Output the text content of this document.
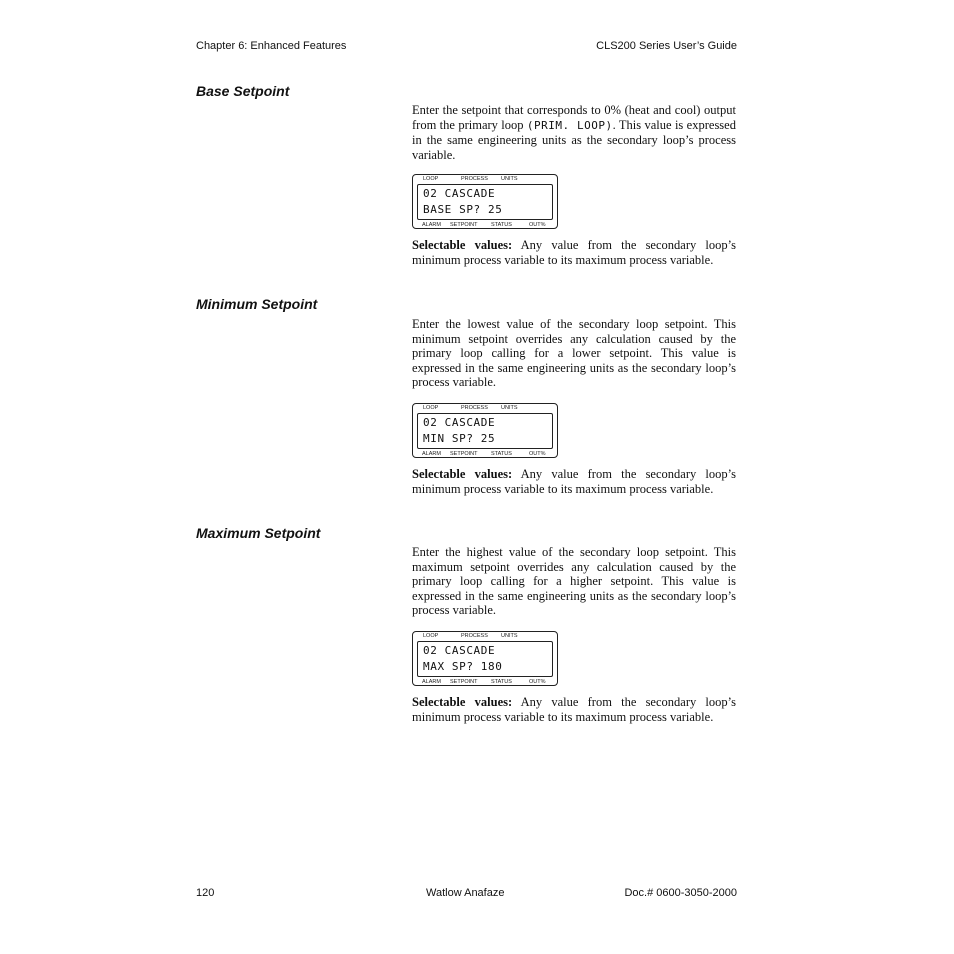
Chapter 6: Enhanced Features	CLS200 Series User’s Guide
Base Setpoint
Enter the setpoint that corresponds to 0% (heat and cool) output from the primary loop (PRIM. LOOP). This value is expressed in the same engineering units as the secondary loop’s process variable.
LOOP	PROCESS UNITS
02 CASCADE
BASE SP? 25
ALARM SETPOINT STATUS	OUT%
Selectable values: Any value from the secondary loop’s minimum process variable to its maximum process variable.
Minimum Setpoint
Enter the lowest value of the secondary loop setpoint. This minimum setpoint overrides any calculation caused by the primary loop calling for a lower setpoint. This value is expressed in the same engineering units as the secondary loop’s process variable.
LOOP	PROCESS UNITS
02 CASCADE
MIN SP? 25
ALARM SETPOINT STATUS	OUT%
Selectable values: Any value from the secondary loop’s minimum process variable to its maximum process variable.
Maximum Setpoint
Enter the highest value of the secondary loop setpoint. This maximum setpoint overrides any calculation caused by the primary loop calling for a higher setpoint. This value is expressed in the same engineering units as the secondary loop’s process variable.
LOOP	PROCESS UNITS
02 CASCADE
MAX SP? 180
ALARM SETPOINT STATUS	OUT%
Selectable values: Any value from the secondary loop’s minimum process variable to its maximum process variable.
120	Watlow Anafaze	Doc.# 0600-3050-2000
